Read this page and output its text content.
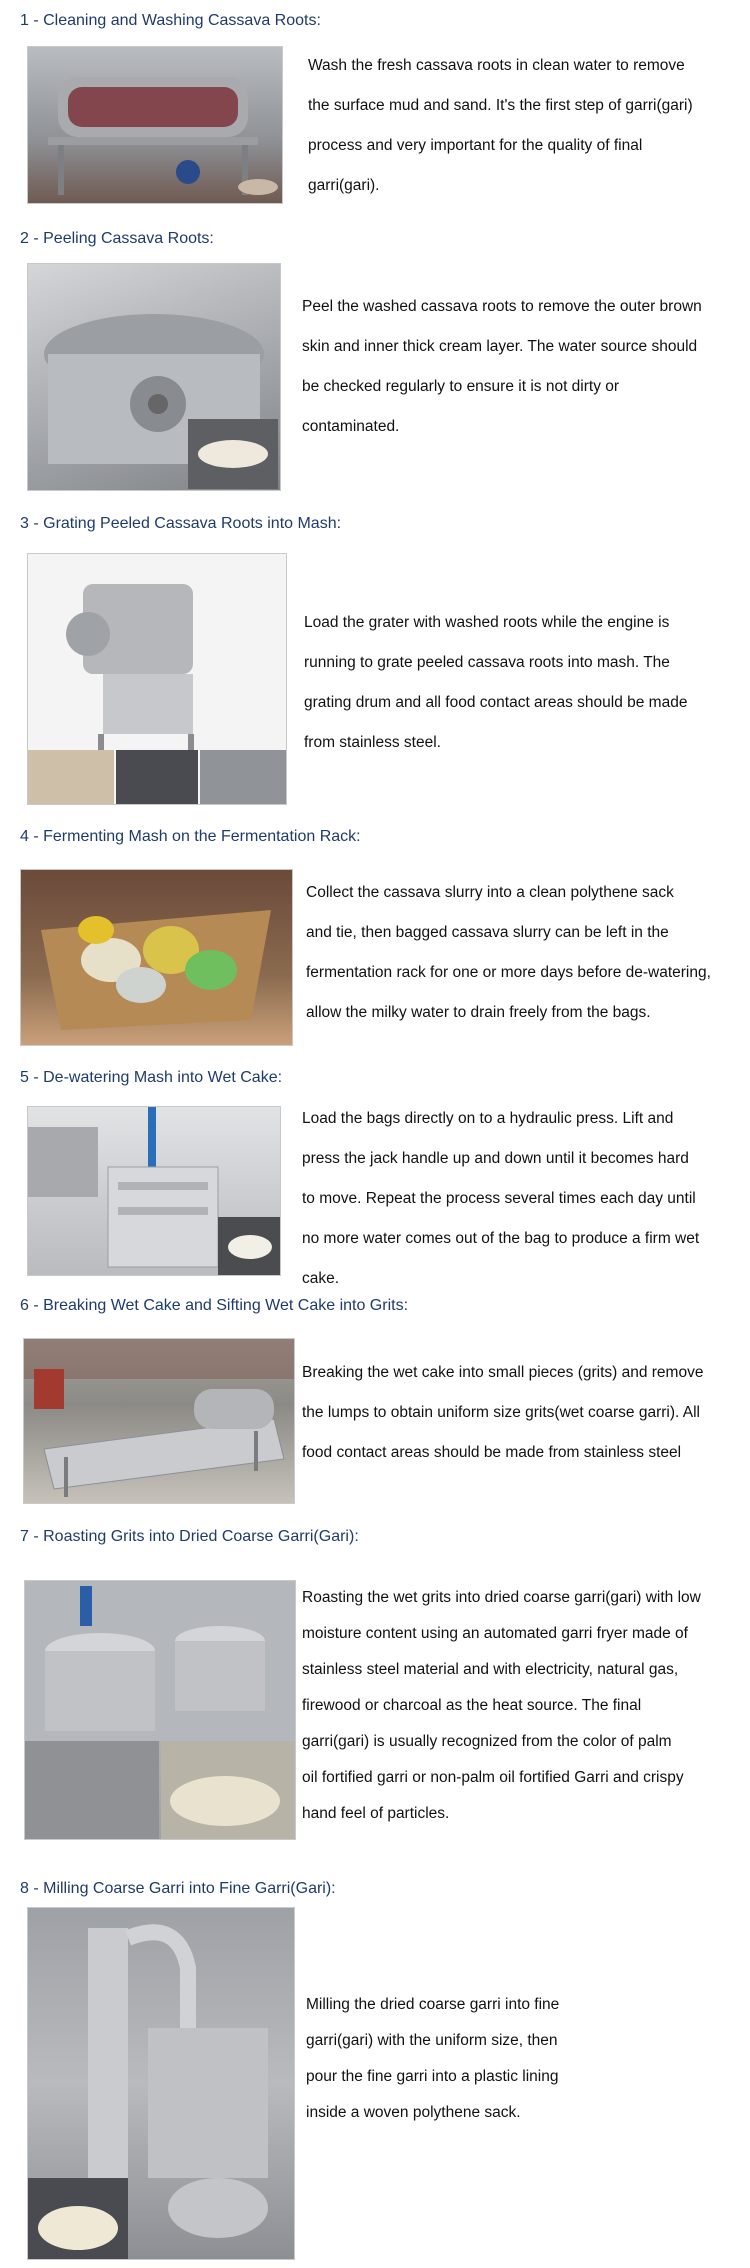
1 - Cleaning and Washing Cassava Roots:
Wash the fresh cassava roots in clean water to remove
the surface mud and sand. It's the first step of garri(gari)
process and very important for the quality of final
garri(gari).
2 - Peeling Cassava Roots:
Peel the washed cassava roots to remove the outer brown
skin and inner thick cream layer. The water source should
be checked regularly to ensure it is not dirty or
contaminated.
3 - Grating Peeled Cassava Roots into Mash:
Load the grater with washed roots while the engine is
running to grate peeled cassava roots into mash. The
grating drum and all food contact areas should be made
from stainless steel.
4 - Fermenting Mash on the Fermentation Rack:
Collect the cassava slurry into a clean polythene sack
and tie, then bagged cassava slurry can be left in the
fermentation rack for one or more days before de-watering,
allow the milky water to drain freely from the bags.
5 - De-watering Mash into Wet Cake:
Load the bags directly on to a hydraulic press. Lift and
press the jack handle up and down until it becomes hard
to move. Repeat the process several times each day until
no more water comes out of the bag to produce a firm wet
cake.
6 - Breaking Wet Cake and Sifting Wet Cake into Grits:
Breaking the wet cake into small pieces (grits) and remove
the lumps to obtain uniform size grits(wet coarse garri). All
food contact areas should be made from stainless steel
7 - Roasting Grits into Dried Coarse Garri(Gari):
Roasting the wet grits into dried coarse garri(gari) with low
moisture content using an automated garri fryer made of
stainless steel material and with electricity, natural gas,
firewood or charcoal as the heat source. The final
garri(gari) is usually recognized from the color of palm
oil fortified garri or non-palm oil fortified Garri and crispy
hand feel of particles.
8 - Milling Coarse Garri into Fine Garri(Gari):
Milling the dried coarse garri into fine
garri(gari) with the uniform size, then
pour the fine garri into a plastic lining
inside a woven polythene sack.
